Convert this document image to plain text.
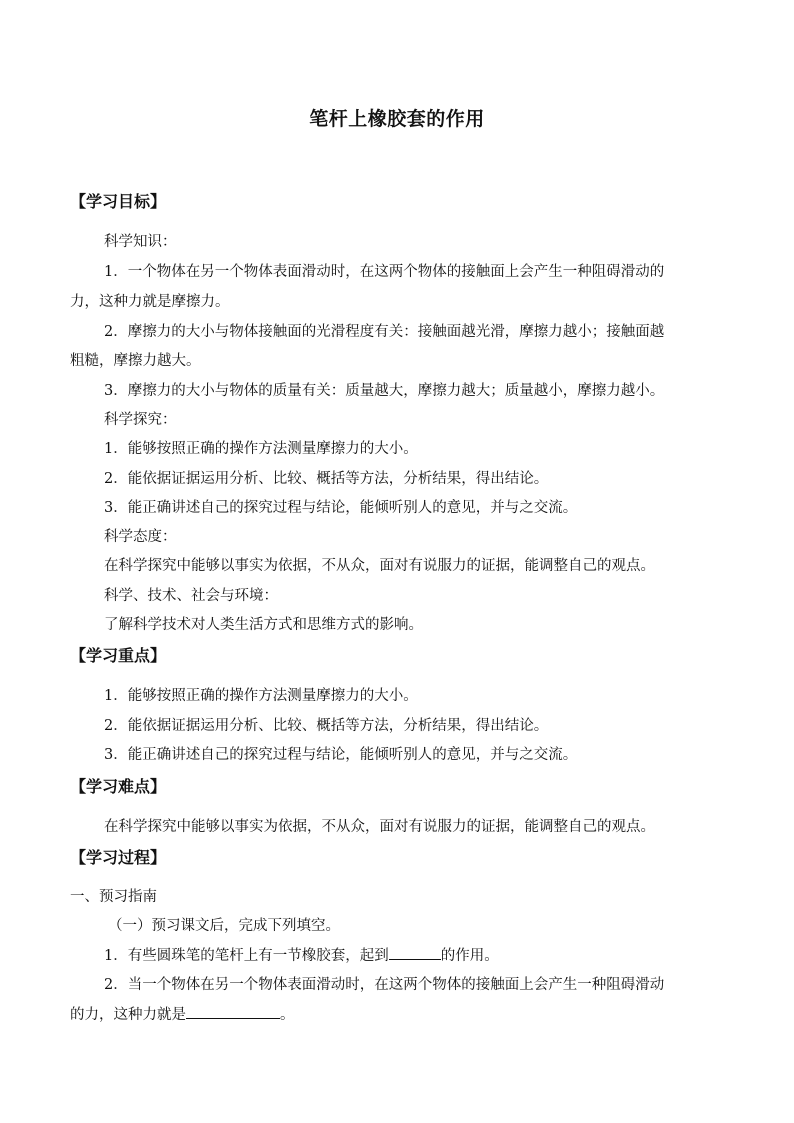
笔杆上橡胶套的作用
【学习目标】
科学知识：
1．一个物体在另一个物体表面滑动时，在这两个物体的接触面上会产生一种阻碍滑动的
力，这种力就是摩擦力。
2．摩擦力的大小与物体接触面的光滑程度有关：接触面越光滑，摩擦力越小；接触面越
粗糙，摩擦力越大。
3．摩擦力的大小与物体的质量有关：质量越大，摩擦力越大；质量越小，摩擦力越小。
科学探究：
1．能够按照正确的操作方法测量摩擦力的大小。
2．能依据证据运用分析、比较、概括等方法，分析结果，得出结论。
3．能正确讲述自己的探究过程与结论，能倾听别人的意见，并与之交流。
科学态度：
在科学探究中能够以事实为依据，不从众，面对有说服力的证据，能调整自己的观点。
科学、技术、社会与环境：
了解科学技术对人类生活方式和思维方式的影响。
【学习重点】
1．能够按照正确的操作方法测量摩擦力的大小。
2．能依据证据运用分析、比较、概括等方法，分析结果，得出结论。
3．能正确讲述自己的探究过程与结论，能倾听别人的意见，并与之交流。
【学习难点】
在科学探究中能够以事实为依据，不从众，面对有说服力的证据，能调整自己的观点。
【学习过程】
一、预习指南
（一）预习课文后，完成下列填空。
1．有些圆珠笔的笔杆上有一节橡胶套，起到	的作用。
2．当一个物体在另一个物体表面滑动时，在这两个物体的接触面上会产生一种阻碍滑动
的力，这种力就是	。
